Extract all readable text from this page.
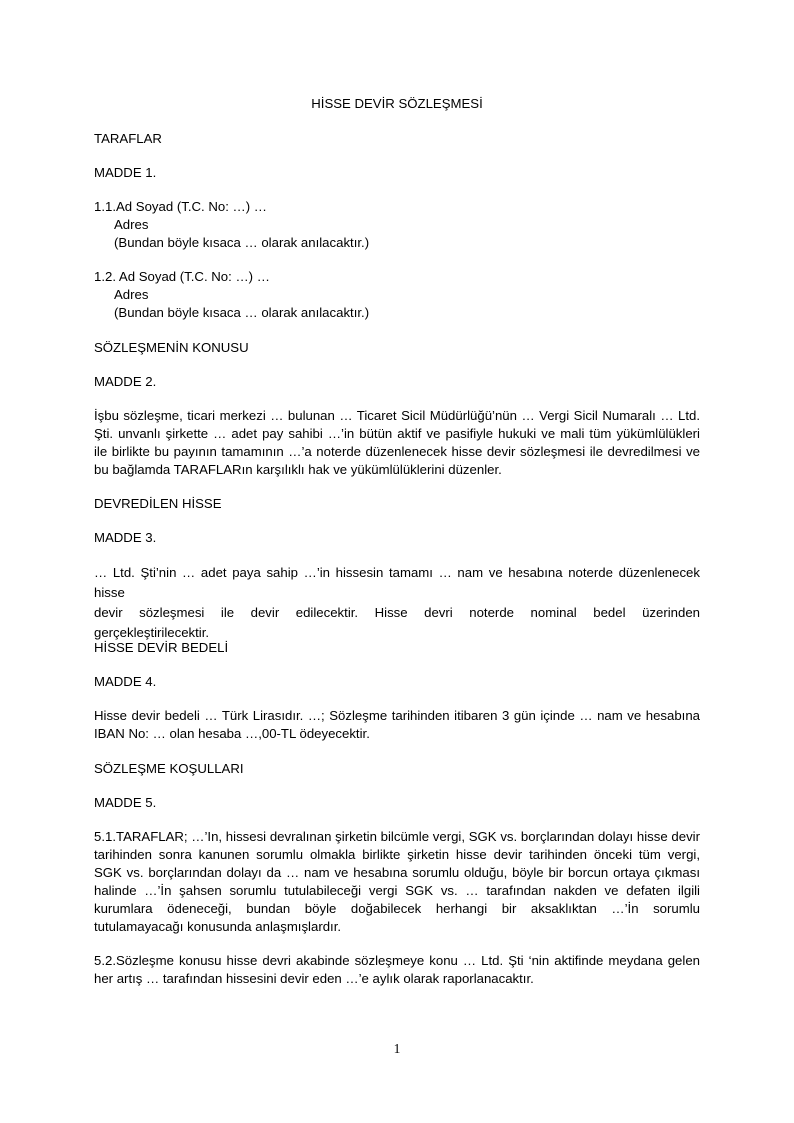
HİSSE DEVİR SÖZLEŞMESİ
TARAFLAR
MADDE 1.
1.1.Ad Soyad (T.C. No: …) …
Adres
(Bundan böyle kısaca … olarak anılacaktır.)
1.2. Ad Soyad (T.C. No: …) …
Adres
(Bundan böyle kısaca … olarak anılacaktır.)
SÖZLEŞMENİN KONUSU
MADDE 2.
İşbu sözleşme, ticari merkezi … bulunan … Ticaret Sicil Müdürlüğü’nün … Vergi Sicil Numaralı … Ltd.
Şti. unvanlı şirkette … adet pay sahibi …’in bütün aktif ve pasifiyle hukuki ve mali tüm yükümlülükleri
ile birlikte bu payının tamamının …’a noterde düzenlenecek hisse devir sözleşmesi ile devredilmesi ve
bu bağlamda TARAFLARın karşılıklı hak ve yükümlülüklerini düzenler.
DEVREDİLEN HİSSE
MADDE 3.
… Ltd. Şti’nin … adet paya sahip …’in hissesin tamamı … nam ve hesabına noterde düzenlenecek hisse
devir sözleşmesi ile devir edilecektir. Hisse devri noterde nominal bedel üzerinden
gerçekleştirilecektir.
HİSSE DEVİR BEDELİ
MADDE 4.
Hisse devir bedeli … Türk Lirasıdır. …; Sözleşme tarihinden itibaren 3 gün içinde … nam ve hesabına
IBAN No: … olan hesaba …,00-TL ödeyecektir.
SÖZLEŞME KOŞULLARI
MADDE 5.
5.1.TARAFLAR; …’In, hissesi devralınan şirketin bilcümle vergi, SGK vs. borçlarından dolayı hisse devir
tarihinden sonra kanunen sorumlu olmakla birlikte şirketin hisse devir tarihinden önceki tüm vergi,
SGK vs. borçlarından dolayı da … nam ve hesabına sorumlu olduğu, böyle bir borcun ortaya çıkması
halinde …’İn şahsen sorumlu tutulabileceği vergi SGK vs. … tarafından nakden ve defaten ilgili
kurumlara ödeneceği, bundan böyle doğabilecek herhangi bir aksaklıktan …’İn sorumlu
tutulamayacağı konusunda anlaşmışlardır.
5.2.Sözleşme konusu hisse devri akabinde sözleşmeye konu … Ltd. Şti ‘nin aktifinde meydana gelen
her artış … tarafından hissesini devir eden …’e aylık olarak raporlanacaktır.
1
